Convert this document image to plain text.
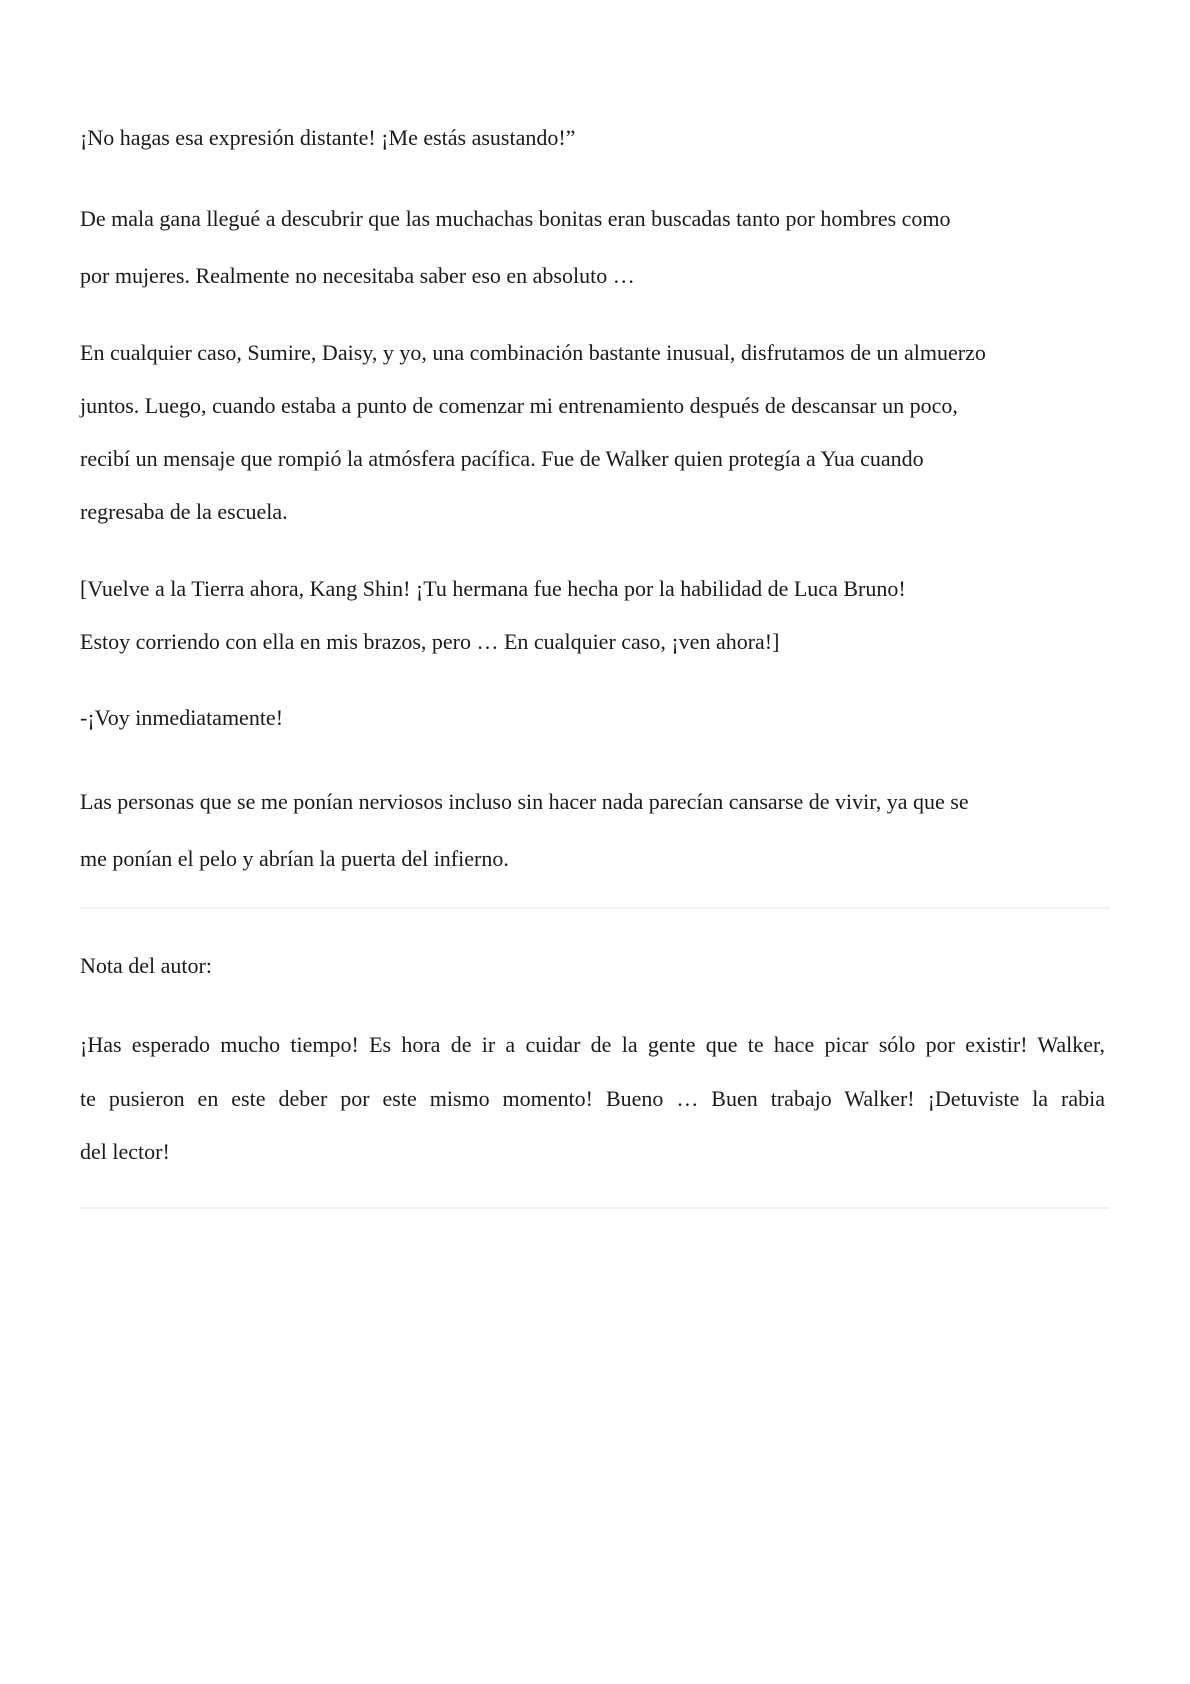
¡No hagas esa expresión distante! ¡Me estás asustando!”
De mala gana llegué a descubrir que las muchachas bonitas eran buscadas tanto por hombres como
por mujeres. Realmente no necesitaba saber eso en absoluto …
En cualquier caso, Sumire, Daisy, y yo, una combinación bastante inusual, disfrutamos de un almuerzo
juntos. Luego, cuando estaba a punto de comenzar mi entrenamiento después de descansar un poco,
recibí un mensaje que rompió la atmósfera pacífica. Fue de Walker quien protegía a Yua cuando
regresaba de la escuela.
[Vuelve a la Tierra ahora, Kang Shin! ¡Tu hermana fue hecha por la habilidad de Luca Bruno!
Estoy corriendo con ella en mis brazos, pero … En cualquier caso, ¡ven ahora!]
-¡Voy inmediatamente!
Las personas que se me ponían nerviosos incluso sin hacer nada parecían cansarse de vivir, ya que se
me ponían el pelo y abrían la puerta del infierno.
Nota del autor:
¡Has esperado mucho tiempo! Es hora de ir a cuidar de la gente que te hace picar sólo por existir! Walker,
te pusieron en este deber por este mismo momento! Bueno … Buen trabajo Walker! ¡Detuviste la rabia
del lector!
